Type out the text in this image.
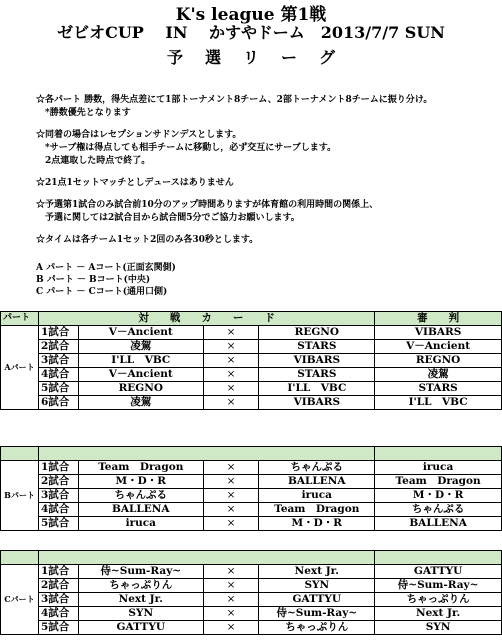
K's league 第1戦
ゼビオCUP　 IN　 かすやドーム　2013/7/7 SUN
予選リーグ
☆各パート 勝数，得失点差にて1部トーナメント8チーム、2部トーナメント8チームに振り分け。
　*勝数優先となります
☆同着の場合はレセプションサドンデスとします。
　*サーブ権は得点しても相手チームに移動し，必ず交互にサーブします。
　2点連取した時点で終了。
☆21点1セットマッチとしデュースはありません
☆予選第1試合のみ試合前10分のアップ時間ありますが体育館の利用時間の関係上、
　予選に関しては2試合目から試合間5分でご協力お願いします。
☆タイムは各チーム1セット2回のみ各30秒とします。
A パート － Aコート(正面玄関側)
B パート － Bコート(中央)
C パート － Cコート(通用口側)
パート	対　　戦　　カ　　ー　　ド				審　　判
Aパート	1試合	V－Ancient	×	REGNO	VIBARS
	2試合	凌駕	×	STARS	V－Ancient
	3試合	I'LL　VBC	×	VIBARS	REGNO
	4試合	V－Ancient	×	STARS	凌駕
	5試合	REGNO	×	I'LL　VBC	STARS
	6試合	凌駕	×	VIBARS	I'LL　VBC

Bパート	1試合	Team　Dragon	×	ちゃんぷる	iruca
	2試合	M・D・R	×	BALLENA	Team　Dragon
	3試合	ちゃんぷる	×	iruca	M・D・R
	4試合	BALLENA	×	Team　Dragon	ちゃんぷる
	5試合	iruca	×	M・D・R	BALLENA

Cパート	1試合	侍~Sum-Ray~	×	Next Jr.	GATTYU
	2試合	ちゃっぷりん	×	SYN	侍~Sum-Ray~
	3試合	Next Jr.	×	GATTYU	ちゃっぷりん
	4試合	SYN	×	侍~Sum-Ray~	Next Jr.
	5試合	GATTYU	×	ちゃっぷりん	SYN
